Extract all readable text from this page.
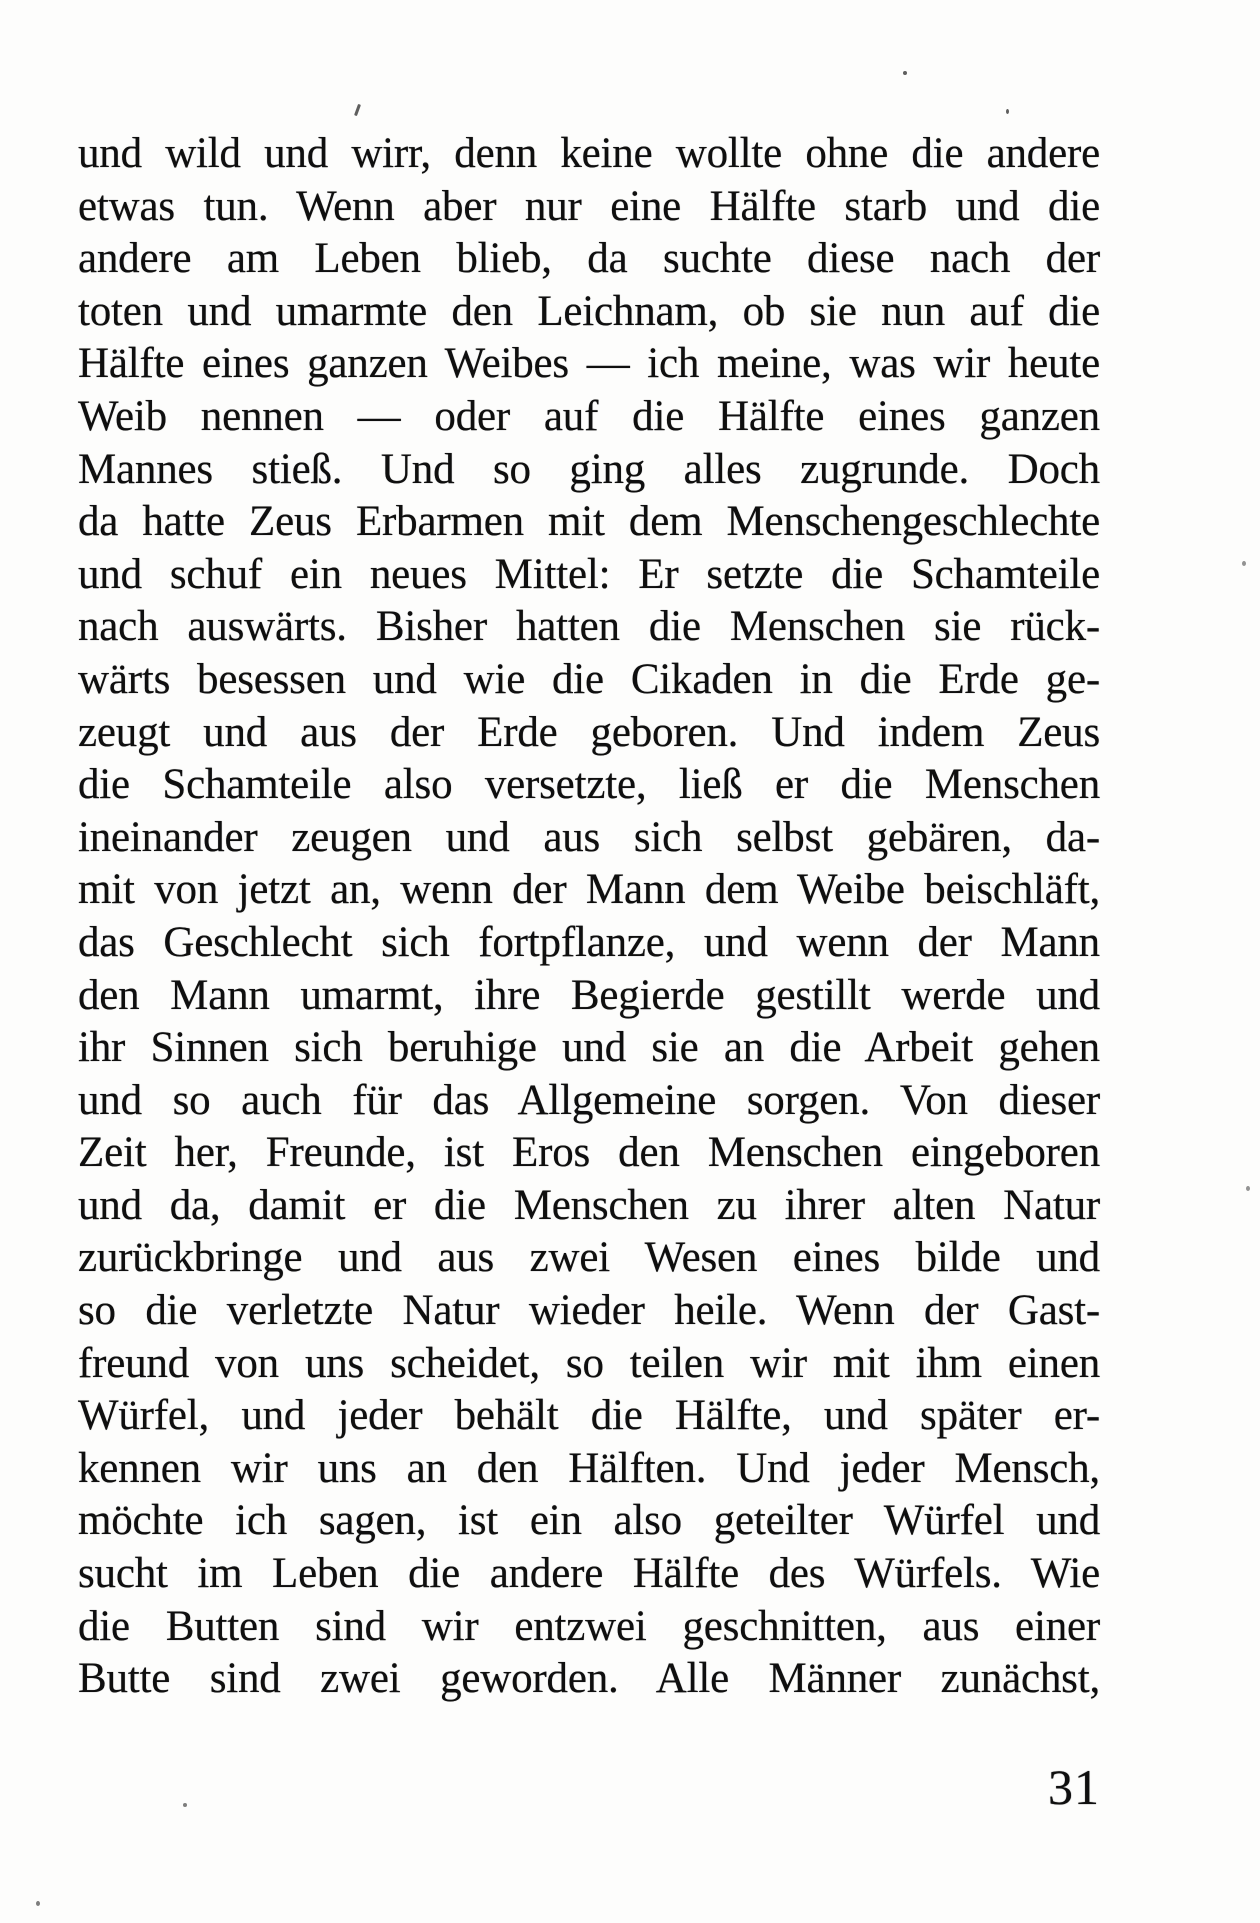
und wild und wirr, denn keine wollte ohne die andere
etwas tun. Wenn aber nur eine Hälfte starb und die
andere am Leben blieb, da suchte diese nach der
toten und umarmte den Leichnam, ob sie nun auf die
Hälfte eines ganzen Weibes — ich meine, was wir heute
Weib nennen — oder auf die Hälfte eines ganzen
Mannes stieß. Und so ging alles zugrunde. Doch
da hatte Zeus Erbarmen mit dem Menschengeschlechte
und schuf ein neues Mittel: Er setzte die Schamteile
nach auswärts. Bisher hatten die Menschen sie rück-
wärts besessen und wie die Cikaden in die Erde ge-
zeugt und aus der Erde geboren. Und indem Zeus
die Schamteile also versetzte, ließ er die Menschen
ineinander zeugen und aus sich selbst gebären, da-
mit von jetzt an, wenn der Mann dem Weibe beischläft,
das Geschlecht sich fortpflanze, und wenn der Mann
den Mann umarmt, ihre Begierde gestillt werde und
ihr Sinnen sich beruhige und sie an die Arbeit gehen
und so auch für das Allgemeine sorgen. Von dieser
Zeit her, Freunde, ist Eros den Menschen eingeboren
und da, damit er die Menschen zu ihrer alten Natur
zurückbringe und aus zwei Wesen eines bilde und
so die verletzte Natur wieder heile. Wenn der Gast-
freund von uns scheidet, so teilen wir mit ihm einen
Würfel, und jeder behält die Hälfte, und später er-
kennen wir uns an den Hälften. Und jeder Mensch,
möchte ich sagen, ist ein also geteilter Würfel und
sucht im Leben die andere Hälfte des Würfels. Wie
die Butten sind wir entzwei geschnitten, aus einer
Butte sind zwei geworden. Alle Männer zunächst,
31
